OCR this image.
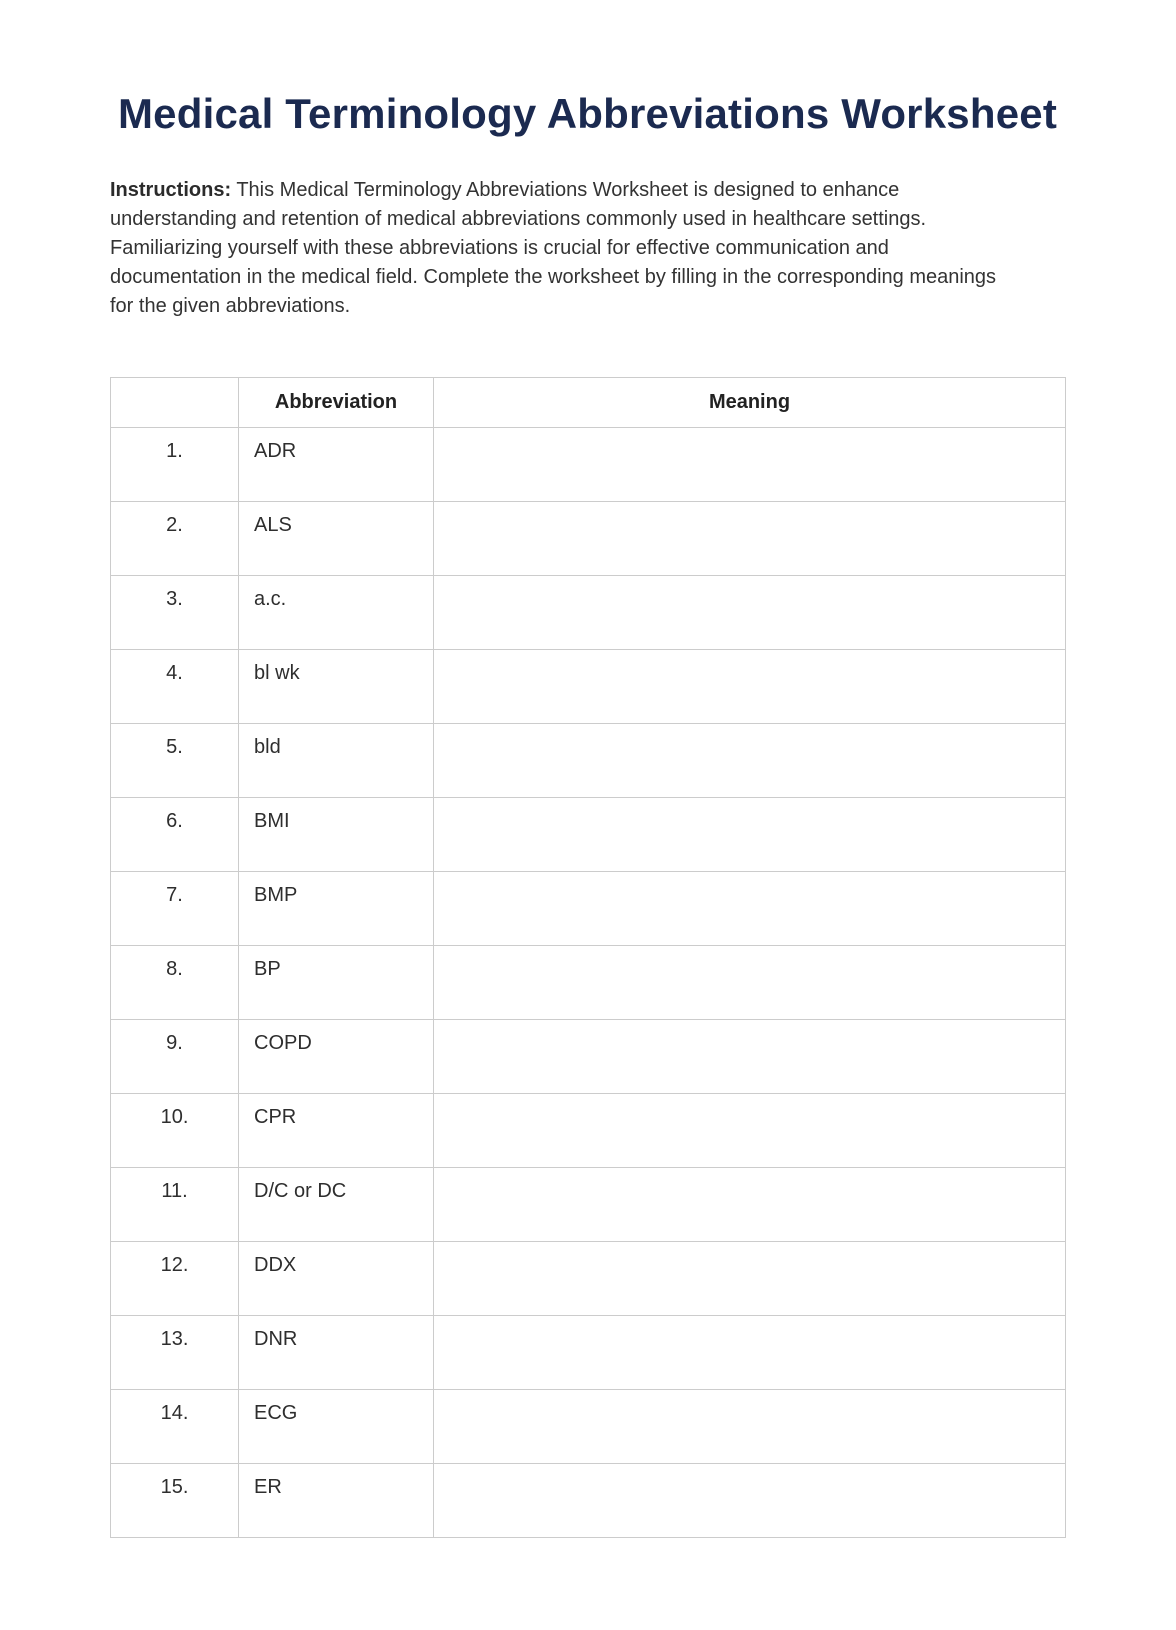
Medical Terminology Abbreviations Worksheet

Instructions: This Medical Terminology Abbreviations Worksheet is designed to enhance understanding and retention of medical abbreviations commonly used in healthcare settings. Familiarizing yourself with these abbreviations is crucial for effective communication and documentation in the medical field. Complete the worksheet by filling in the corresponding meanings for the given abbreviations.

	Abbreviation	Meaning
1.	ADR	
2.	ALS	
3.	a.c.	
4.	bl wk	
5.	bld	
6.	BMI	
7.	BMP	
8.	BP	
9.	COPD	
10.	CPR	
11.	D/C or DC	
12.	DDX	
13.	DNR	
14.	ECG	
15.	ER	
